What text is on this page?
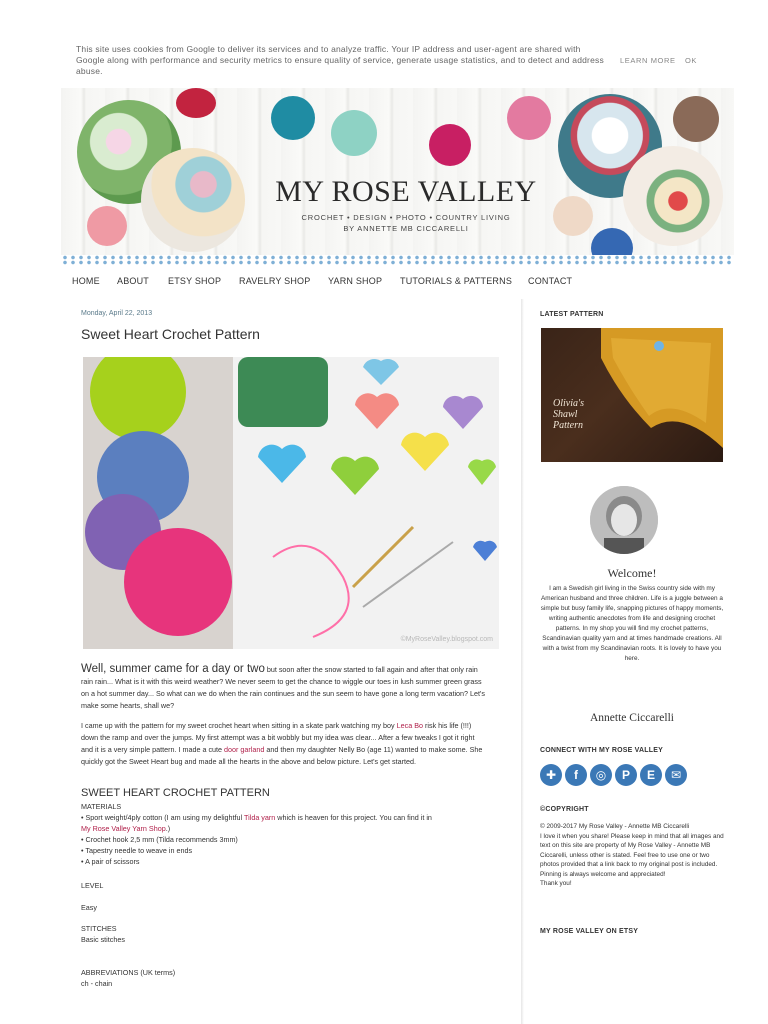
This site uses cookies from Google to deliver its services and to analyze traffic. Your IP address and user-agent are shared with Google along with performance and security metrics to ensure quality of service, generate usage statistics, and to detect and address abuse.
LEARN MORE OK
MY ROSE VALLEY
CROCHET • DESIGN • PHOTO • COUNTRY LIVING
BY ANNETTE MB CICCARELLI
HOME ABOUT ETSY SHOP RAVELRY SHOP YARN SHOP TUTORIALS & PATTERNS CONTACT
Monday, April 22, 2013
Sweet Heart Crochet Pattern
©MyRoseValley.blogspot.com
Well, summer came for a day or two but soon after the snow started to fall again and after that only rain rain rain... What is it with this weird weather? We never seem to get the chance to wiggle our toes in lush summer green grass on a hot summer day... So what can we do when the rain continues and the sun seem to have gone a long term vacation? Let's make some hearts, shall we?
I came up with the pattern for my sweet crochet heart when sitting in a skate park watching my boy Leca Bo risk his life (!!!) down the ramp and over the jumps. My first attempt was a bit wobbly but my idea was clear... After a few tweaks I got it right and it is a very simple pattern. I made a cute door garland and then my daughter Nelly Bo (age 11) wanted to make some. She quickly got the Sweet Heart bug and made all the hearts in the above and below picture. Let's get started.
SWEET HEART CROCHET PATTERN
MATERIALS
• Sport weight/4ply cotton (I am using my delightful Tilda yarn which is heaven for this project. You can find it in
My Rose Valley Yarn Shop.)
• Crochet hook 2,5 mm (Tilda recommends 3mm)
• Tapestry needle to weave in ends
• A pair of scissors
LEVEL
Easy
STITCHES
Basic stitches
ABBREVIATIONS (UK terms)
ch - chain
LATEST PATTERN
Olivia's
Shawl
Pattern
Welcome!
I am a Swedish girl living in the Swiss country side with my American husband and three children. Life is a juggle between a simple but busy family life, snapping pictures of happy moments, writing authentic anecdotes from life and designing crochet patterns. In my shop you will find my crochet patterns, Scandinavian quality yarn and at times handmade creations. All with a twist from my Scandinavian roots. It is lovely to have you here.
Annette Ciccarelli
CONNECT WITH MY ROSE VALLEY
✚	f	◎	P	E	✉
©COPYRIGHT
© 2009-2017 My Rose Valley - Annette MB Ciccarelli
I love it when you share! Please keep in mind that all images and text on this site are property of My Rose Valley - Annette MB Ciccarelli, unless other is stated. Feel free to use one or two photos provided that a link back to my original post is included. Pinning is always welcome and appreciated!
Thank you!
MY ROSE VALLEY ON ETSY
